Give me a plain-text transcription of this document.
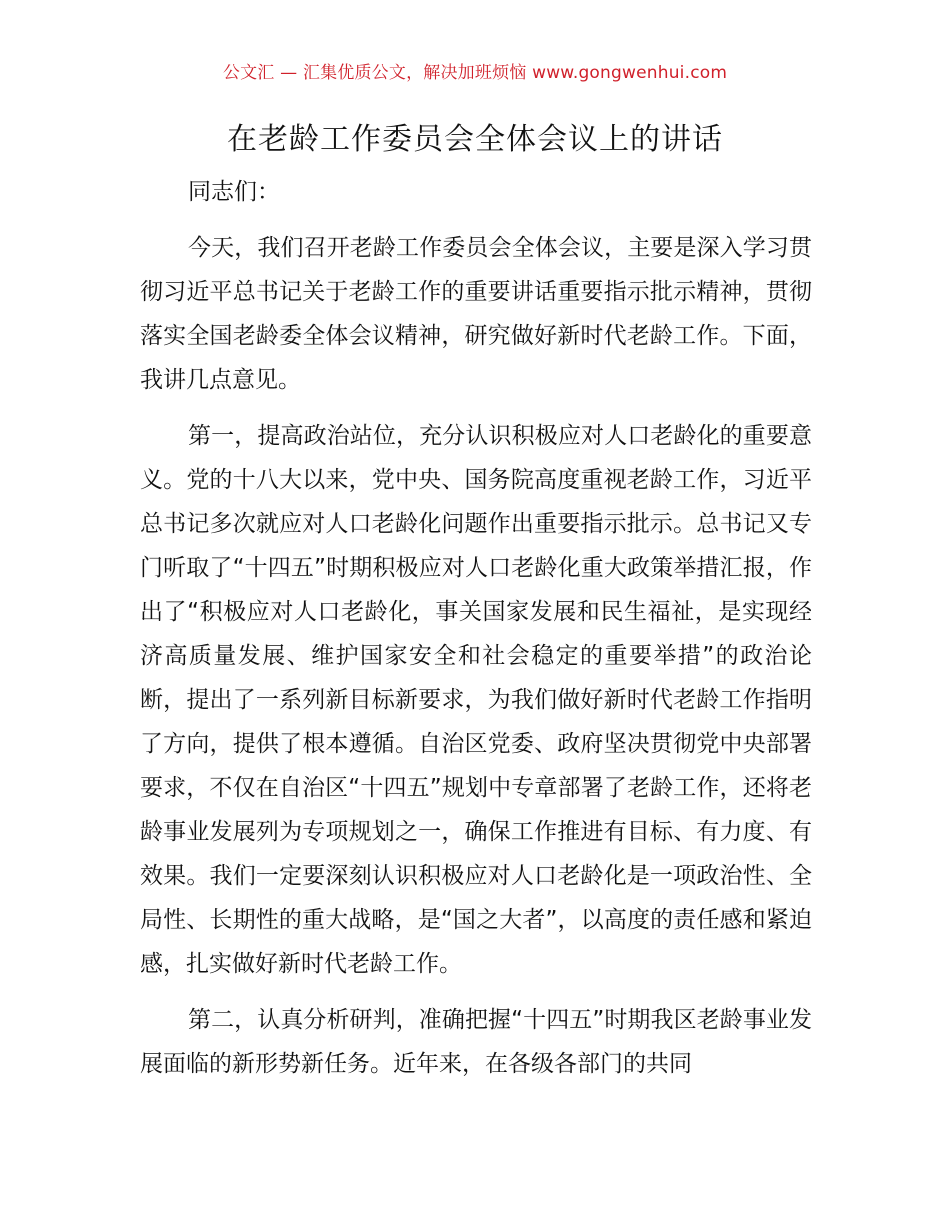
公文汇 — 汇集优质公文，解决加班烦恼 www.gongwenhui.com
在老龄工作委员会全体会议上的讲话

同志们：

今天，我们召开老龄工作委员会全体会议，主要是深入学习贯彻习近平总书记关于老龄工作的重要讲话重要指示批示精神，贯彻落实全国老龄委全体会议精神，研究做好新时代老龄工作。下面，我讲几点意见。

第一，提高政治站位，充分认识积极应对人口老龄化的重要意义。党的十八大以来，党中央、国务院高度重视老龄工作，习近平总书记多次就应对人口老龄化问题作出重要指示批示。总书记又专门听取了“十四五”时期积极应对人口老龄化重大政策举措汇报，作出了“积极应对人口老龄化，事关国家发展和民生福祉，是实现经济高质量发展、维护国家安全和社会稳定的重要举措”的政治论断，提出了一系列新目标新要求，为我们做好新时代老龄工作指明了方向，提供了根本遵循。自治区党委、政府坚决贯彻党中央部署要求，不仅在自治区“十四五”规划中专章部署了老龄工作，还将老龄事业发展列为专项规划之一，确保工作推进有目标、有力度、有效果。我们一定要深刻认识积极应对人口老龄化是一项政治性、全局性、长期性的重大战略，是“国之大者”，以高度的责任感和紧迫感，扎实做好新时代老龄工作。

第二，认真分析研判，准确把握“十四五”时期我区老龄事业发展面临的新形势新任务。近年来，在各级各部门的共同
